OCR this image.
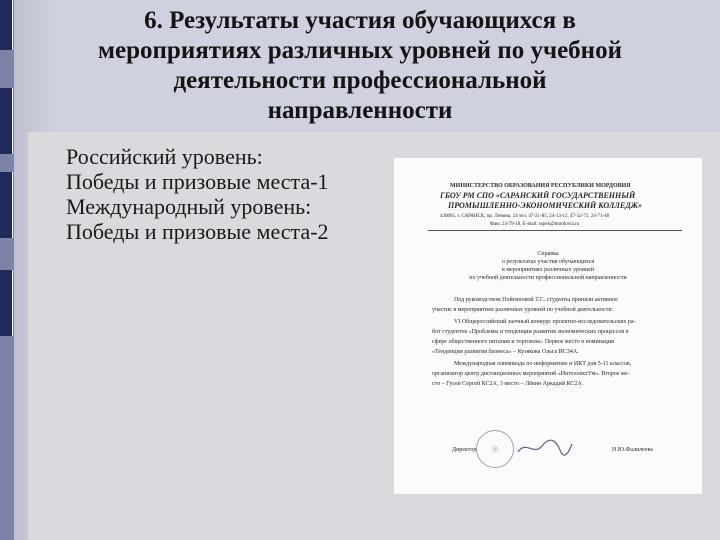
6. Результаты участия обучающихся в
мероприятиях различных уровней по учебной
деятельности профессиональной
направленности
Российский уровень:
Победы и призовые места-1
Международный уровень:
Победы и призовые места-2
МИНИСТЕРСТВО ОБРАЗОВАНИЯ РЕСПУБЛИКИ МОРДОВИЯ
ГБОУ РМ СПО «САРАНСКИЙ ГОСУДАРСТВЕННЫЙ
ПРОМЫШЛЕННО-ЭКОНОМИЧЕСКИЙ КОЛЛЕДЖ»
430005, г. САРАНСК, пр. Ленина, 24 тел. 47-21-85, 24-13-12, 47-32-73, 24-71-48
Факс 24-79-18, E-mail: sspek@mordovia.ru
Справка
о результатах участия обучающихся
в мероприятиях различных уровней
по учебной деятельности профессиональной направленности
Под руководством Пойгиновой Т.С. студенты приняли активное
участие в мероприятиях различных уровней по учебной деятельности:
VI Общероссийский заочный конкурс проектно-исследовательских ра-
бот студентов «Проблемы и тенденции развития экономических процессов в
сфере общественного питания и торговли». Первое место в номинации
«Тенденции развития бизнеса» – Кузякова Ольга ИСЗ4А.
Международная олимпиада по информатике и ИКТ для 5-11 классов,
организатор центр дистанционных мероприятий «ИнтеллектУм». Второе ме-
сто – Гусев Сергей КС2А, 3 место – Лёвин Аркадий КС2А .
◎
Директор	Н.Ю.Фалилеева
